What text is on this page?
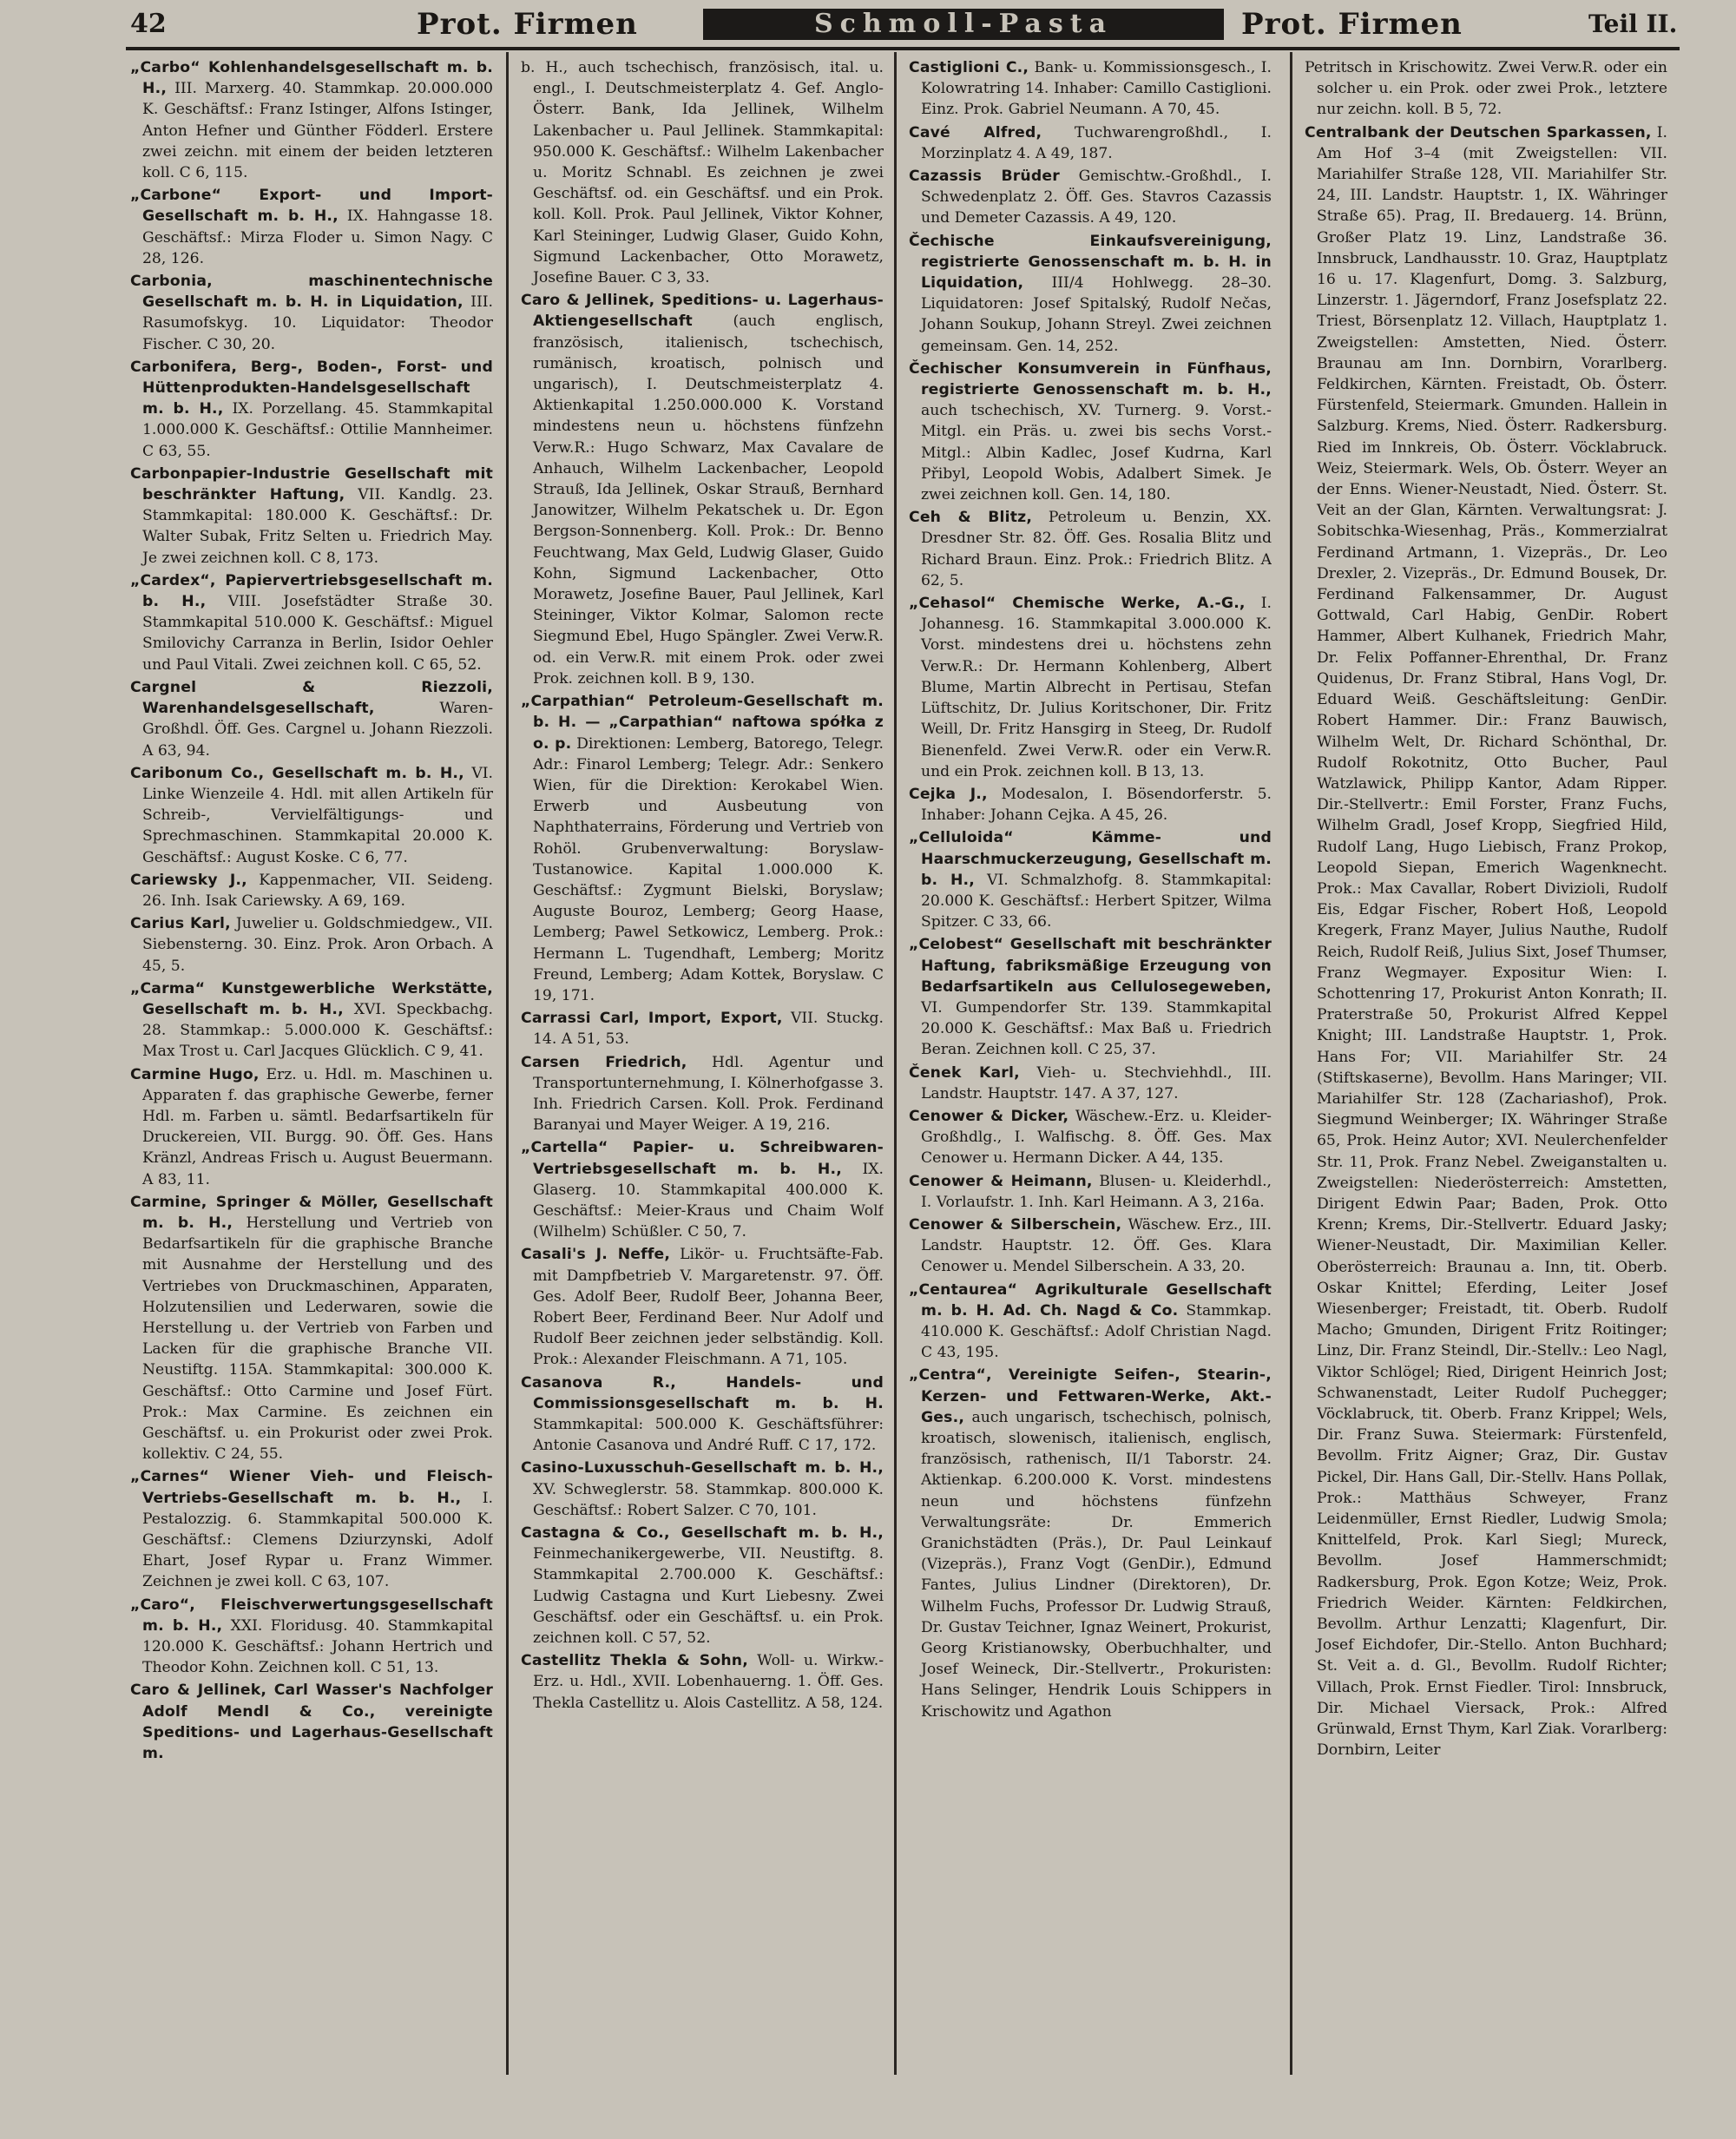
42	Prot. Firmen	Schmoll-Pasta	Prot. Firmen	Teil II.

„Carbo“ Kohlenhandelsgesellschaft m. b. H., III. Marxerg. 40. Stammkap. 20.000.000 K. Geschäftsf.: Franz Istinger, Alfons Istinger, Anton Hefner und Günther Födderl. Erstere zwei zeichn. mit einem der beiden letzteren koll. C 6, 115.

„Carbone“ Export- und Import-Gesellschaft m. b. H., IX. Hahngasse 18. Geschäftsf.: Mirza Floder u. Simon Nagy. C 28, 126.

Carbonia, maschinentechnische Gesellschaft m. b. H. in Liquidation, III. Rasumofskyg. 10. Liquidator: Theodor Fischer. C 30, 20.

Carbonifera, Berg-, Boden-, Forst- und Hüttenprodukten-Handelsgesellschaft m. b. H., IX. Porzellang. 45. Stammkapital 1.000.000 K. Geschäftsf.: Ottilie Mannheimer. C 63, 55.

Carbonpapier-Industrie Gesellschaft mit beschränkter Haftung, VII. Kandlg. 23. Stammkapital: 180.000 K. Geschäftsf.: Dr. Walter Subak, Fritz Selten u. Friedrich May. Je zwei zeichnen koll. C 8, 173.

„Cardex“, Papiervertriebsgesellschaft m. b. H., VIII. Josefstädter Straße 30. Stammkapital 510.000 K. Geschäftsf.: Miguel Smilovichy Carranza in Berlin, Isidor Oehler und Paul Vitali. Zwei zeichnen koll. C 65, 52.

Cargnel & Riezzoli, Warenhandelsgesellschaft,	Waren-Großhdl. Öff. Ges. Cargnel u. Johann Riezzoli. A 63, 94.

Caribonum Co., Gesellschaft m. b. H., VI. Linke Wienzeile 4. Hdl. mit allen Artikeln für Schreib-, Vervielfältigungs- und Sprechmaschinen. Stammkapital 20.000 K. Geschäftsf.: August Koske. C 6, 77.

Cariewsky J., Kappenmacher, VII. Seideng. 26. Inh. Isak Cariewsky. A 69, 169.

Carius Karl, Juwelier u. Goldschmiedgew., VII. Siebensterng. 30. Einz. Prok. Aron Orbach. A 45, 5.

„Carma“ Kunstgewerbliche Werkstätte, Gesellschaft m. b. H., XVI. Speckbachg. 28. Stammkap.: 5.000.000 K. Geschäftsf.: Max Trost u. Carl Jacques Glücklich. C 9, 41.

Carmine Hugo, Erz. u. Hdl. m. Maschinen u. Apparaten f. das graphische Gewerbe, ferner Hdl. m. Farben u. sämtl. Bedarfsartikeln für Druckereien, VII. Burgg. 90. Öff. Ges. Hans Kränzl, Andreas Frisch u. August Beuermann. A 83, 11.

Carmine, Springer & Möller, Gesellschaft m. b. H., Herstellung und Vertrieb von Bedarfsartikeln für die graphische Branche mit Ausnahme der Herstellung und des Vertriebes von Druckmaschinen, Apparaten, Holzutensilien und Lederwaren, sowie die Herstellung u. der Vertrieb von Farben und Lacken für die graphische Branche VII. Neustiftg. 115A. Stammkapital: 300.000 K. Geschäftsf.: Otto Carmine und Josef Fürt. Prok.: Max Carmine. Es zeichnen ein Geschäftsf. u. ein Prokurist oder zwei Prok. kollektiv. C 24, 55.

„Carnes“ Wiener Vieh- und Fleisch-Vertriebs-Gesellschaft m. b. H., I. Pestalozzig. 6. Stammkapital 500.000 K. Geschäftsf.: Clemens Dziurzynski, Adolf Ehart, Josef Rypar u. Franz Wimmer. Zeichnen je zwei koll. C 63, 107.

„Caro“, Fleischverwertungsgesellschaft m. b. H., XXI. Floridusg. 40. Stammkapital 120.000 K. Geschäftsf.: Johann Hertrich und Theodor Kohn. Zeichnen koll. C 51, 13.

Caro & Jellinek, Carl Wasser's Nachfolger Adolf Mendl & Co., vereinigte Speditions- und Lagerhaus-Gesellschaft m.

b. H., auch tschechisch, französisch, ital. u. engl., I. Deutschmeisterplatz 4. Gef. Anglo-Österr. Bank, Ida Jellinek, Wilhelm Lakenbacher u. Paul Jellinek. Stammkapital: 950.000 K. Geschäftsf.: Wilhelm Lakenbacher u. Moritz Schnabl. Es zeichnen je zwei Geschäftsf. od. ein Geschäftsf. und ein Prok. koll. Koll. Prok. Paul Jellinek, Viktor Kohner, Karl Steininger, Ludwig Glaser, Guido Kohn, Sigmund Lackenbacher, Otto Morawetz, Josefine Bauer. C 3, 33.

Caro & Jellinek, Speditions- u. Lagerhaus-Aktiengesellschaft	(auch englisch, französisch, italienisch, tschechisch, rumänisch, kroatisch, polnisch und ungarisch), I. Deutschmeisterplatz 4. Aktienkapital 1.250.000.000 K. Vorstand mindestens neun u. höchstens fünfzehn Verw.R.: Hugo Schwarz, Max Cavalare de Anhauch, Wilhelm Lackenbacher, Leopold Strauß, Ida Jellinek, Oskar Strauß, Bernhard Janowitzer, Wilhelm Pekatschek u. Dr. Egon Bergson-Sonnenberg. Koll. Prok.: Dr. Benno Feuchtwang, Max Geld, Ludwig Glaser, Guido Kohn, Sigmund Lackenbacher, Otto Morawetz, Josefine Bauer, Paul Jellinek, Karl Steininger, Viktor Kolmar, Salomon recte Siegmund Ebel, Hugo Spängler. Zwei Verw.R. od. ein Verw.R. mit einem Prok. oder zwei Prok. zeichnen koll. B 9, 130.

„Carpathian“ Petroleum-Gesellschaft m. b. H. — „Carpathian“ naftowa spółka z o. p. Direktionen: Lemberg, Batorego, Telegr. Adr.: Finarol Lemberg; Telegr. Adr.: Senkero Wien, für die Direktion: Kerokabel Wien. Erwerb und Ausbeutung von Naphthaterrains, Förderung und Vertrieb von Rohöl. Grubenverwaltung: Boryslaw-Tustanowice. Kapital 1.000.000 K. Geschäftsf.: Zygmunt Bielski, Boryslaw; Auguste Bouroz, Lemberg; Georg Haase, Lemberg; Pawel Setkowicz, Lemberg. Prok.: Hermann L. Tugendhaft, Lemberg; Moritz Freund, Lemberg; Adam Kottek, Boryslaw. C 19, 171.

Carrassi Carl, Import, Export, VII. Stuckg. 14. A 51, 53.

Carsen Friedrich, Hdl. Agentur und Transportunternehmung, I. Kölnerhofgasse 3. Inh. Friedrich Carsen. Koll. Prok. Ferdinand Baranyai und Mayer Weiger. A 19, 216.

„Cartella“ Papier- u. Schreibwaren-Vertriebsgesellschaft m. b. H., IX. Glaserg. 10. Stammkapital 400.000 K. Geschäftsf.: Meier-Kraus und Chaim Wolf (Wilhelm) Schüßler. C 50, 7.

Casali's J. Neffe, Likör- u. Fruchtsäfte-Fab. mit Dampfbetrieb V. Margaretenstr. 97. Öff. Ges. Adolf Beer, Rudolf Beer, Johanna Beer, Robert Beer, Ferdinand Beer. Nur Adolf und Rudolf Beer zeichnen jeder selbständig. Koll. Prok.: Alexander Fleischmann. A 71, 105.

Casanova R., Handels- und Commissionsgesellschaft m. b. H. Stammkapital: 500.000 K. Geschäftsführer: Antonie Casanova und André Ruff. C 17, 172.

Casino-Luxusschuh-Gesellschaft m. b. H., XV. Schweglerstr. 58. Stammkap. 800.000 K. Geschäftsf.: Robert Salzer. C 70, 101.

Castagna & Co., Gesellschaft m. b. H., Feinmechanikergewerbe, VII. Neustiftg. 8. Stammkapital 2.700.000 K. Geschäftsf.: Ludwig Castagna und Kurt Liebesny. Zwei Geschäftsf. oder ein Geschäftsf. u. ein Prok. zeichnen koll. C 57, 52.

Castellitz Thekla & Sohn, Woll- u. Wirkw.-Erz. u. Hdl., XVII. Lobenhauerng. 1. Öff. Ges. Thekla Castellitz u. Alois Castellitz. A 58, 124.

Castiglioni C., Bank- u. Kommissionsgesch., I. Kolowratring 14. Inhaber: Camillo Castiglioni. Einz. Prok. Gabriel Neumann. A 70, 45.

Cavé Alfred, Tuchwarengroßhdl., I. Morzinplatz 4. A 49, 187.

Cazassis Brüder Gemischtw.-Großhdl., I. Schwedenplatz 2. Öff. Ges. Stavros Cazassis und Demeter Cazassis. A 49, 120.

Čechische Einkaufsvereinigung, registrierte Genossenschaft m. b. H. in Liquidation, III/4 Hohlwegg. 28–30. Liquidatoren: Josef Spitalský, Rudolf Nečas, Johann Soukup, Johann Streyl. Zwei zeichnen gemeinsam. Gen. 14, 252.

Čechischer Konsumverein in Fünfhaus, registrierte Genossenschaft m. b. H., auch tschechisch, XV. Turnerg. 9. Vorst.-Mitgl. ein Präs. u. zwei bis sechs Vorst.-Mitgl.: Albin Kadlec, Josef Kudrna, Karl Přibyl, Leopold Wobis, Adalbert Simek. Je zwei zeichnen koll. Gen. 14, 180.

Ceh & Blitz, Petroleum u. Benzin, XX. Dresdner Str. 82. Öff. Ges. Rosalia Blitz und Richard Braun. Einz. Prok.: Friedrich Blitz. A 62, 5.

„Cehasol“ Chemische Werke, A.-G., I. Johannesg. 16. Stammkapital 3.000.000 K. Vorst. mindestens drei u. höchstens zehn Verw.R.: Dr. Hermann Kohlenberg, Albert Blume, Martin Albrecht in Pertisau, Stefan Lüftschitz, Dr. Julius Koritschoner, Dir. Fritz Weill, Dr. Fritz Hansgirg in Steeg, Dr. Rudolf Bienenfeld. Zwei Verw.R. oder ein Verw.R. und ein Prok. zeichnen koll. B 13, 13.

Cejka J., Modesalon, I. Bösendorferstr. 5. Inhaber: Johann Cejka. A 45, 26.

„Celluloida“ Kämme- und Haarschmuckerzeugung, Gesellschaft m. b. H., VI. Schmalzhofg. 8. Stammkapital: 20.000 K. Geschäftsf.: Herbert Spitzer, Wilma Spitzer. C 33, 66.

„Celobest“ Gesellschaft mit beschränkter Haftung, fabriksmäßige Erzeugung von Bedarfsartikeln aus Cellulosegeweben, VI. Gumpendorfer Str. 139. Stammkapital 20.000 K. Geschäftsf.: Max Baß u. Friedrich Beran. Zeichnen koll. C 25, 37.

Čenek Karl, Vieh- u. Stechviehhdl., III. Landstr. Hauptstr. 147. A 37, 127.

Cenower & Dicker, Wäschew.-Erz. u. Kleider-Großhdlg., I. Walfischg. 8. Öff. Ges. Max Cenower u. Hermann Dicker. A 44, 135.

Cenower & Heimann, Blusen- u. Kleiderhdl., I. Vorlaufstr. 1. Inh. Karl Heimann. A 3, 216a.

Cenower & Silberschein, Wäschew. Erz., III. Landstr. Hauptstr. 12. Öff. Ges. Klara Cenower u. Mendel Silberschein. A 33, 20.

„Centaurea“ Agrikulturale Gesellschaft m. b. H. Ad. Ch. Nagd & Co. Stammkap. 410.000 K. Geschäftsf.: Adolf Christian Nagd. C 43, 195.

„Centra“, Vereinigte Seifen-, Stearin-, Kerzen- und Fettwaren-Werke, Akt.-Ges., auch ungarisch, tschechisch, polnisch, kroatisch, slowenisch, italienisch, englisch, französisch, rathenisch, II/1 Taborstr. 24. Aktienkap. 6.200.000 K. Vorst. mindestens neun und höchstens fünfzehn Verwaltungsräte: Dr. Emmerich Granichstädten (Präs.), Dr. Paul Leinkauf (Vizepräs.), Franz Vogt (GenDir.), Edmund Fantes, Julius Lindner (Direktoren), Dr. Wilhelm Fuchs, Professor Dr. Ludwig Strauß, Dr. Gustav Teichner, Ignaz Weinert, Prokurist, Georg Kristianowsky, Oberbuchhalter, und Josef Weineck, Dir.-Stellvertr., Prokuristen: Hans Selinger, Hendrik Louis Schippers in Krischowitz und Agathon

Petritsch in Krischowitz. Zwei Verw.R. oder ein solcher u. ein Prok. oder zwei Prok., letztere nur zeichn. koll. B 5, 72.

Centralbank der Deutschen Sparkassen, I. Am Hof 3–4 (mit Zweigstellen: VII. Mariahilfer Straße 128, VII. Mariahilfer Str. 24, III. Landstr. Hauptstr. 1, IX. Währinger Straße 65). Prag, II. Bredauerg. 14. Brünn, Großer Platz 19. Linz, Landstraße 36. Innsbruck, Landhausstr. 10. Graz, Hauptplatz 16 u. 17. Klagenfurt, Domg. 3. Salzburg, Linzerstr. 1. Jägerndorf, Franz Josefsplatz 22. Triest, Börsenplatz 12. Villach, Hauptplatz 1. Zweigstellen: Amstetten, Nied. Österr. Braunau am Inn. Dornbirn, Vorarlberg. Feldkirchen, Kärnten. Freistadt, Ob. Österr. Fürstenfeld, Steiermark. Gmunden. Hallein in Salzburg. Krems, Nied. Österr. Radkersburg. Ried im Innkreis, Ob. Österr. Vöcklabruck. Weiz, Steiermark. Wels, Ob. Österr. Weyer an der Enns. Wiener-Neustadt, Nied. Österr. St. Veit an der Glan, Kärnten. Verwaltungsrat: J. Sobitschka-Wiesenhag, Präs., Kommerzialrat Ferdinand Artmann, 1. Vizepräs., Dr. Leo Drexler, 2. Vizepräs., Dr. Edmund Bousek, Dr. Ferdinand Falkensammer, Dr. August Gottwald, Carl Habig, GenDir. Robert Hammer, Albert Kulhanek, Friedrich Mahr, Dr. Felix Poffanner-Ehrenthal, Dr. Franz Quidenus, Dr. Franz Stibral, Hans Vogl, Dr. Eduard Weiß. Geschäftsleitung: GenDir. Robert Hammer. Dir.: Franz Bauwisch, Wilhelm Welt, Dr. Richard Schönthal, Dr. Rudolf Rokotnitz, Otto Bucher, Paul Watzlawick, Philipp Kantor, Adam Ripper. Dir.-Stellvertr.: Emil Forster, Franz Fuchs, Wilhelm Gradl, Josef Kropp, Siegfried Hild, Rudolf Lang, Hugo Liebisch, Franz Prokop, Leopold Siepan, Emerich Wagenknecht. Prok.: Max Cavallar, Robert Divizioli, Rudolf Eis, Edgar Fischer, Robert Hoß, Leopold Kregerk, Franz Mayer, Julius Nauthe, Rudolf Reich, Rudolf Reiß, Julius Sixt, Josef Thumser, Franz Wegmayer. Expositur Wien: I. Schottenring 17, Prokurist Anton Konrath; II. Praterstraße 50, Prokurist Alfred Keppel Knight; III. Landstraße Hauptstr. 1, Prok. Hans For; VII. Mariahilfer Str. 24 (Stiftskaserne), Bevollm. Hans Maringer; VII. Mariahilfer Str. 128 (Zachariashof), Prok. Siegmund Weinberger; IX. Währinger Straße 65, Prok. Heinz Autor; XVI. Neulerchenfelder Str. 11, Prok. Franz Nebel. Zweiganstalten u. Zweigstellen: Niederösterreich: Amstetten, Dirigent Edwin Paar; Baden, Prok. Otto Krenn; Krems, Dir.-Stellvertr. Eduard Jasky; Wiener-Neustadt, Dir. Maximilian Keller. Oberösterreich: Braunau a. Inn, tit. Oberb. Oskar Knittel; Eferding, Leiter Josef Wiesenberger; Freistadt, tit. Oberb. Rudolf Macho; Gmunden, Dirigent Fritz Roitinger; Linz, Dir. Franz Steindl, Dir.-Stellv.: Leo Nagl, Viktor Schlögel; Ried, Dirigent Heinrich Jost; Schwanenstadt, Leiter Rudolf Puchegger; Vöcklabruck, tit. Oberb. Franz Krippel; Wels, Dir. Franz Suwa. Steiermark: Fürstenfeld, Bevollm. Fritz Aigner; Graz, Dir. Gustav Pickel, Dir. Hans Gall, Dir.-Stellv. Hans Pollak, Prok.: Matthäus Schweyer, Franz Leidenmüller, Ernst Riedler, Ludwig Smola; Knittelfeld, Prok. Karl Siegl; Mureck, Bevollm. Josef Hammerschmidt; Radkersburg, Prok. Egon Kotze; Weiz, Prok. Friedrich Weider. Kärnten: Feldkirchen, Bevollm. Arthur Lenzatti; Klagenfurt, Dir. Josef Eichdofer, Dir.-Stello. Anton Buchhard; St. Veit a. d. Gl., Bevollm. Rudolf Richter; Villach, Prok. Ernst Fiedler. Tirol: Innsbruck, Dir. Michael Viersack, Prok.: Alfred Grünwald, Ernst Thym, Karl Ziak. Vorarlberg: Dornbirn, Leiter
